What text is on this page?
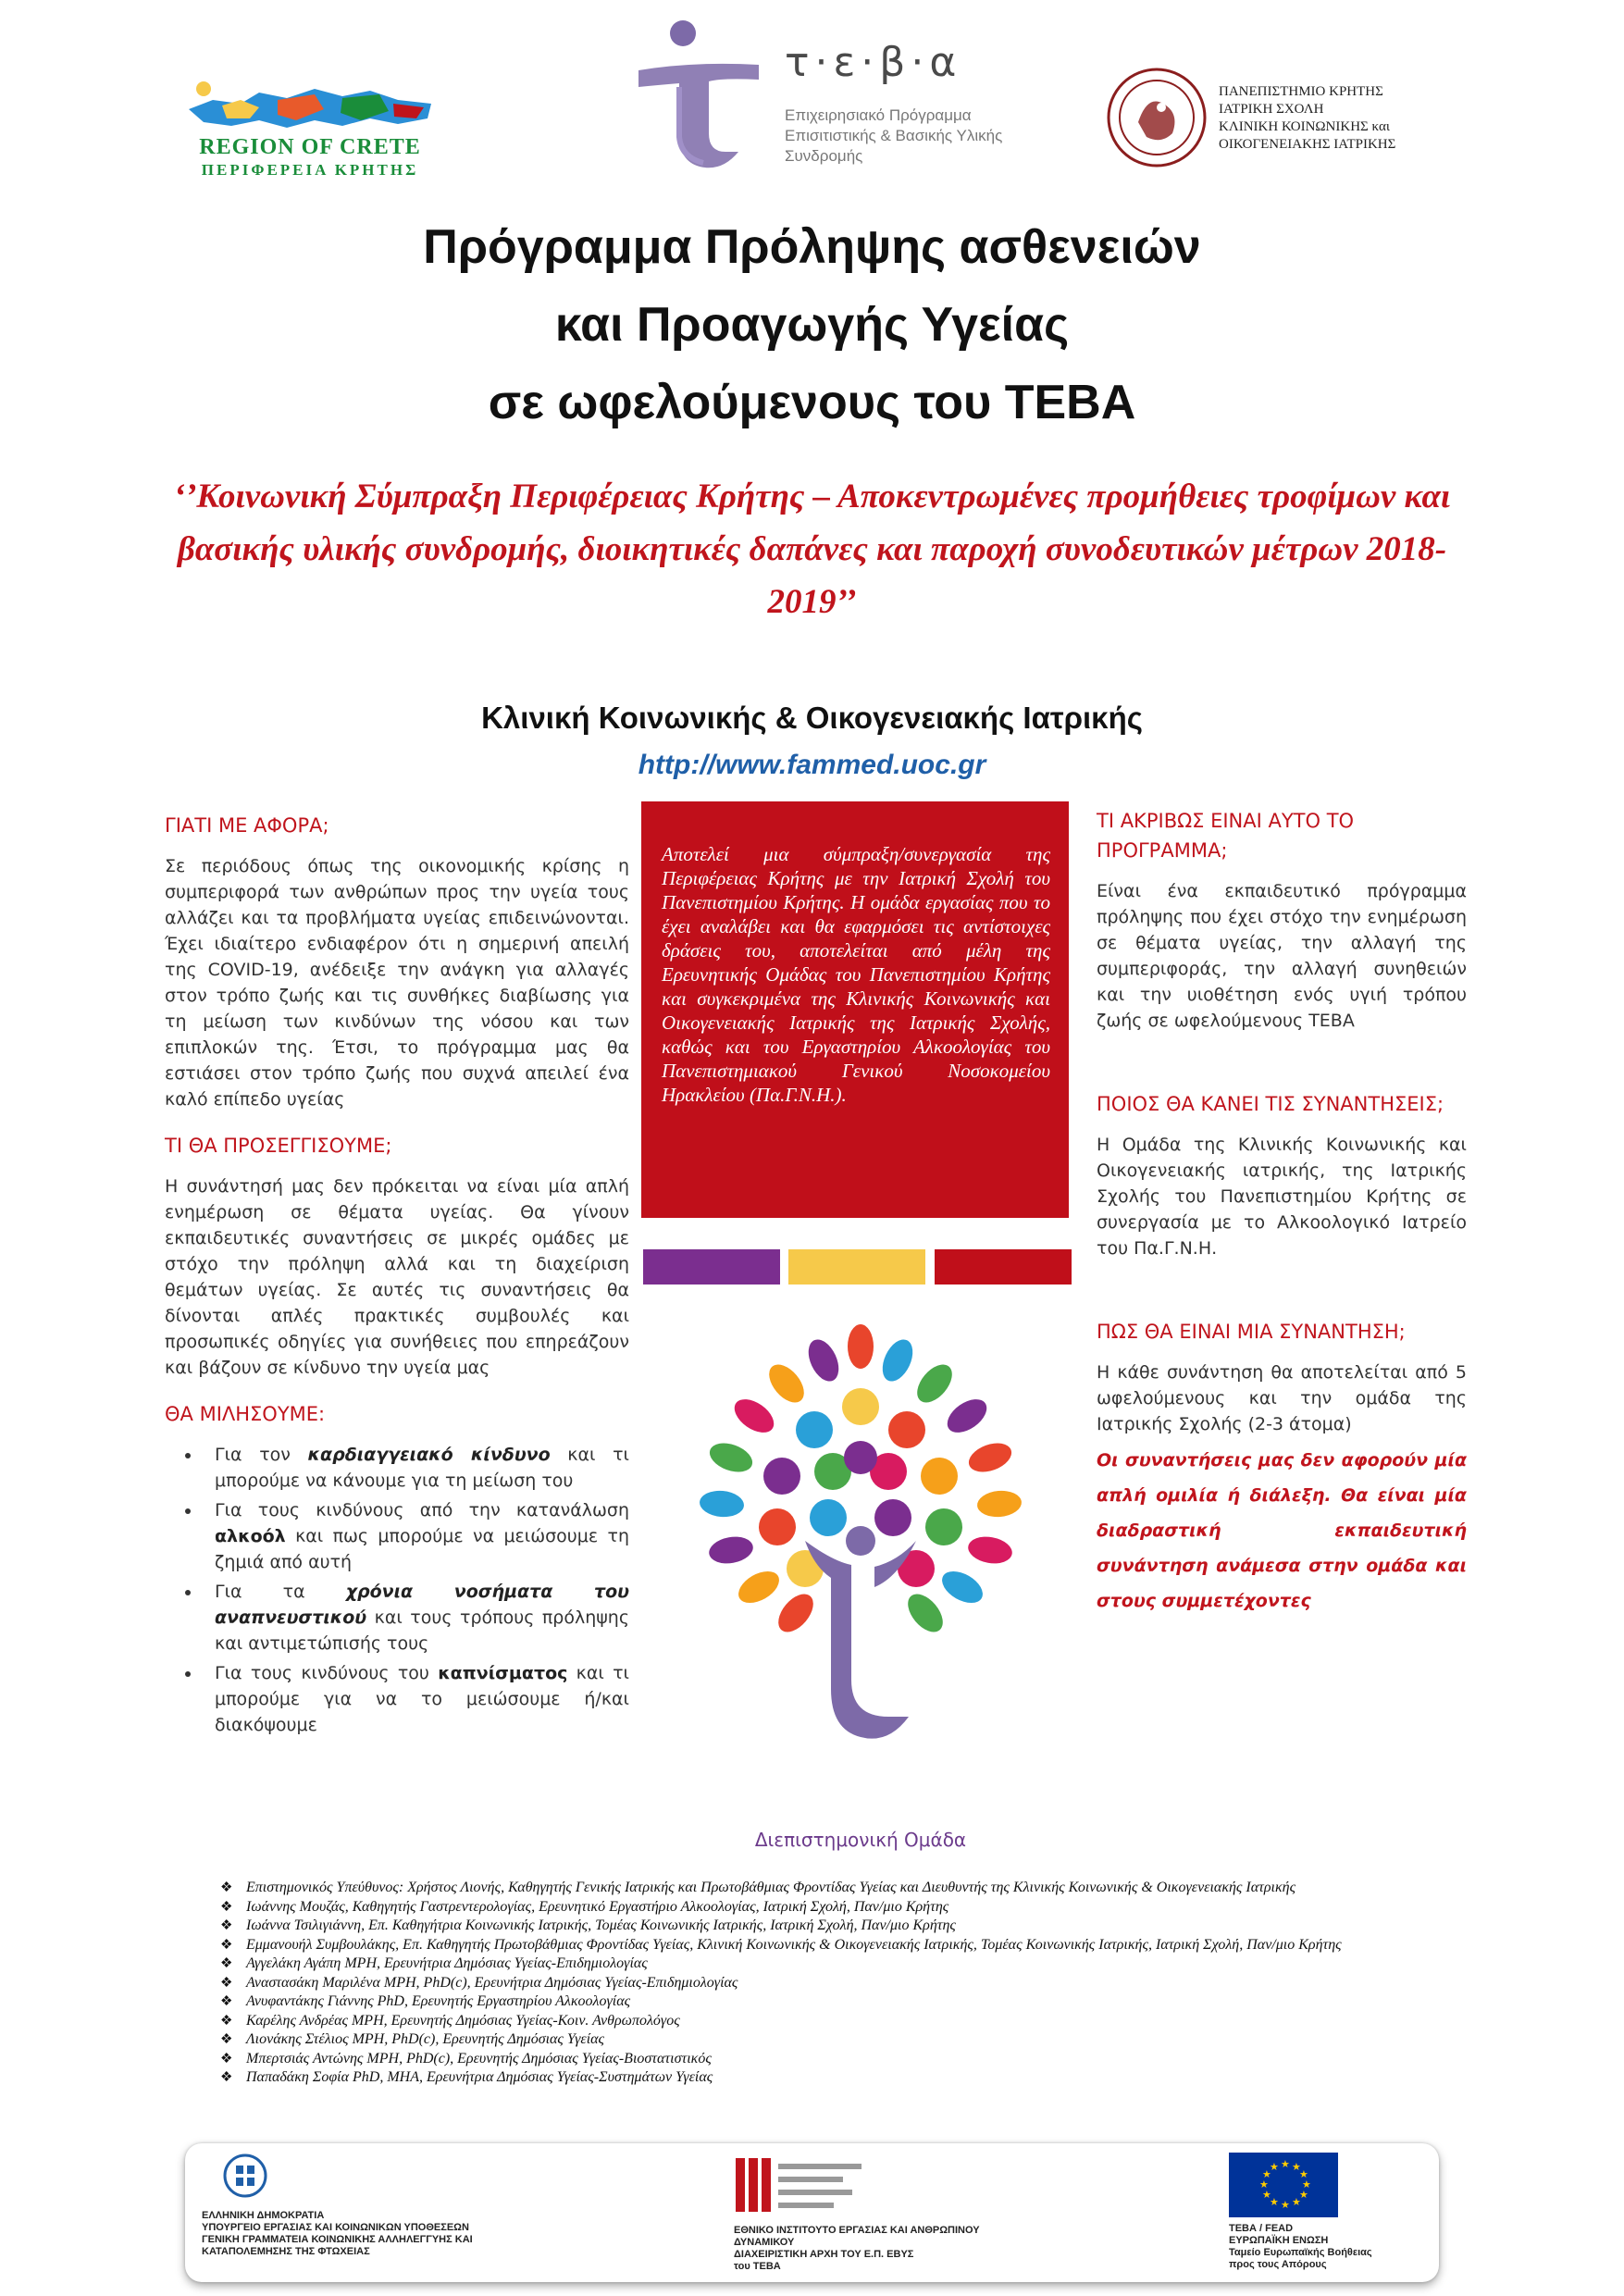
REGION OF CRETE
ΠΕΡΙΦΕΡΕΙΑ ΚΡΗΤΗΣ
τ·ε·β·α
Επιχειρησιακό Πρόγραμμα Επισιτιστικής & Βασικής Υλικής Συνδρομής
ΠΑΝΕΠΙΣΤΗΜΙΟ ΚΡΗΤΗΣ
ΙΑΤΡΙΚΗ ΣΧΟΛΗ
ΚΛΙΝΙΚΗ ΚΟΙΝΩΝΙΚΗΣ και
ΟΙΚΟΓΕΝΕΙΑΚΗΣ ΙΑΤΡΙΚΗΣ
Πρόγραμμα Πρόληψης ασθενειών
και Προαγωγής Υγείας
σε ωφελούμενους του ΤΕΒΑ
‘’Κοινωνική Σύμπραξη Περιφέρειας Κρήτης – Αποκεντρωμένες προμήθειες τροφίμων και βασικής υλικής συνδρομής, διοικητικές δαπάνες και παροχή συνοδευτικών μέτρων 2018-2019’’
Κλινική Κοινωνικής & Οικογενειακής Ιατρικής
http://www.fammed.uoc.gr
ΓΙΑΤΙ ΜΕ ΑΦΟΡΑ;
Σε περιόδους όπως της οικονομικής κρίσης η συμπεριφορά των ανθρώπων προς την υγεία τους αλλάζει και τα προβλήματα υγείας επιδεινώνονται. Έχει ιδιαίτερο ενδιαφέρον ότι η σημερινή απειλή της COVID-19, ανέδειξε την ανάγκη για αλλαγές στον τρόπο ζωής και τις συνθήκες διαβίωσης για τη μείωση των κινδύνων της νόσου και των επιπλοκών της. Έτσι, το πρόγραμμα μας θα εστιάσει στον τρόπο ζωής που συχνά απειλεί ένα καλό επίπεδο υγείας
ΤΙ ΘΑ ΠΡΟΣΕΓΓΙΣΟΥΜΕ;
Η συνάντησή μας δεν πρόκειται να είναι μία απλή ενημέρωση σε θέματα υγείας. Θα γίνουν εκπαιδευτικές συναντήσεις σε μικρές ομάδες με στόχο την πρόληψη αλλά και τη διαχείριση θεμάτων υγείας. Σε αυτές τις συναντήσεις θα δίνονται απλές πρακτικές συμβουλές και προσωπικές οδηγίες για συνήθειες που επηρεάζουν και βάζουν σε κίνδυνο την υγεία μας
ΘΑ ΜΙΛΗΣΟΥΜΕ:
• Για τον καρδιαγγειακό κίνδυνο και τι μπορούμε να κάνουμε για τη μείωση του
• Για τους κινδύνους από την κατανάλωση αλκοόλ και πως μπορούμε να μειώσουμε τη ζημιά από αυτή
• Για τα χρόνια νοσήματα του αναπνευστικού και τους τρόπους πρόληψης και αντιμετώπισής τους
• Για τους κινδύνους του καπνίσματος και τι μπορούμε για να το μειώσουμε ή/και διακόψουμε
Αποτελεί μια σύμπραξη/συνεργασία της Περιφέρειας Κρήτης με την Ιατρική Σχολή του Πανεπιστημίου Κρήτης. Η ομάδα εργασίας που το έχει αναλάβει και θα εφαρμόσει τις αντίστοιχες δράσεις του, αποτελείται από μέλη της Ερευνητικής Ομάδας του Πανεπιστημίου Κρήτης και συγκεκριμένα της Κλινικής Κοινωνικής και Οικογενειακής Ιατρικής της Ιατρικής Σχολής, καθώς και του Εργαστηρίου Αλκοολογίας του Πανεπιστημιακού Γενικού Νοσοκομείου Ηρακλείου (Πα.Γ.Ν.Η.).
Διεπιστημονική Ομάδα
ΤΙ ΑΚΡΙΒΩΣ ΕΙΝΑΙ ΑΥΤΟ ΤΟ ΠΡΟΓΡΑΜΜΑ;
Είναι ένα εκπαιδευτικό πρόγραμμα πρόληψης που έχει στόχο την ενημέρωση σε θέματα υγείας, την αλλαγή της συμπεριφοράς, την αλλαγή συνηθειών και την υιοθέτηση ενός υγιή τρόπου ζωής σε ωφελούμενους ΤΕΒΑ
ΠΟΙΟΣ ΘΑ ΚΑΝΕΙ ΤΙΣ ΣΥΝΑΝΤΗΣΕΙΣ;
Η Ομάδα της Κλινικής Κοινωνικής και Οικογενειακής ιατρικής, της Ιατρικής Σχολής του Πανεπιστημίου Κρήτης σε συνεργασία με το Αλκοολογικό Ιατρείο του Πα.Γ.Ν.Η.
ΠΩΣ ΘΑ ΕΙΝΑΙ ΜΙΑ ΣΥΝΑΝΤΗΣΗ;
Η κάθε συνάντηση θα αποτελείται από 5 ωφελούμενους και την ομάδα της Ιατρικής Σχολής (2-3 άτομα)
Οι συναντήσεις μας δεν αφορούν μία απλή ομιλία ή διάλεξη. Θα είναι μία διαδραστική εκπαιδευτική συνάντηση ανάμεσα στην ομάδα και στους συμμετέχοντες
❖ Επιστημονικός Υπεύθυνος: Χρήστος Λιονής, Καθηγητής Γενικής Ιατρικής και Πρωτοβάθμιας Φροντίδας Υγείας και Διευθυντής της Κλινικής Κοινωνικής & Οικογενειακής Ιατρικής
❖ Ιωάννης Μουζάς, Καθηγητής Γαστρεντερολογίας, Ερευνητικό Εργαστήριο Αλκοολογίας, Ιατρική Σχολή, Παν/μιο Κρήτης
❖ Ιωάννα Τσιλιγιάννη, Επ. Καθηγήτρια Κοινωνικής Ιατρικής, Τομέας Κοινωνικής Ιατρικής, Ιατρική Σχολή, Παν/μιο Κρήτης
❖ Εμμανουήλ Συμβουλάκης, Επ. Καθηγητής Πρωτοβάθμιας Φροντίδας Υγείας, Κλινική Κοινωνικής & Οικογενειακής Ιατρικής, Τομέας Κοινωνικής Ιατρικής, Ιατρική Σχολή, Παν/μιο Κρήτης
❖ Αγγελάκη Αγάπη MPH, Ερευνήτρια Δημόσιας Υγείας-Επιδημιολογίας
❖ Αναστασάκη Μαριλένα MPH, PhD(c), Ερευνήτρια Δημόσιας Υγείας-Επιδημιολογίας
❖ Ανυφαντάκης Γιάννης PhD, Ερευνητής Εργαστηρίου Αλκοολογίας
❖ Καρέλης Ανδρέας MPH, Ερευνητής Δημόσιας Υγείας-Κοιν. Ανθρωπολόγος
❖ Λιονάκης Στέλιος MPH, PhD(c), Ερευνητής Δημόσιας Υγείας
❖ Μπερτσιάς Αντώνης MPH, PhD(c), Ερευνητής Δημόσιας Υγείας-Βιοστατιστικός
❖ Παπαδάκη Σοφία PhD, MHA, Ερευνήτρια Δημόσιας Υγείας-Συστημάτων Υγείας
ΕΛΛΗΝΙΚΗ ΔΗΜΟΚΡΑΤΙΑ
ΥΠΟΥΡΓΕΙΟ ΕΡΓΑΣΙΑΣ ΚΑΙ ΚΟΙΝΩΝΙΚΩΝ ΥΠΟΘΕΣΕΩΝ
ΓΕΝΙΚΗ ΓΡΑΜΜΑΤΕΙΑ ΚΟΙΝΩΝΙΚΗΣ ΑΛΛΗΛΕΓΓΥΗΣ ΚΑΙ
ΚΑΤΑΠΟΛΕΜΗΣΗΣ ΤΗΣ ΦΤΩΧΕΙΑΣ
ΕΘΝΙΚΟ ΙΝΣΤΙΤΟΥΤΟ ΕΡΓΑΣΙΑΣ ΚΑΙ ΑΝΘΡΩΠΙΝΟΥ
ΔΥΝΑΜΙΚΟΥ
ΔΙΑΧΕΙΡΙΣΤΙΚΗ ΑΡΧΗ ΤΟΥ Ε.Π. ΕΒΥΣ
του ΤΕΒΑ
★ ★
★
★
★
★
★
★
★
★
★
★
ΤΕΒΑ / FEAD
ΕΥΡΩΠΑΪΚΗ ΕΝΩΣΗ
Ταμείο Ευρωπαϊκής Βοήθειας
προς τους Απόρους
